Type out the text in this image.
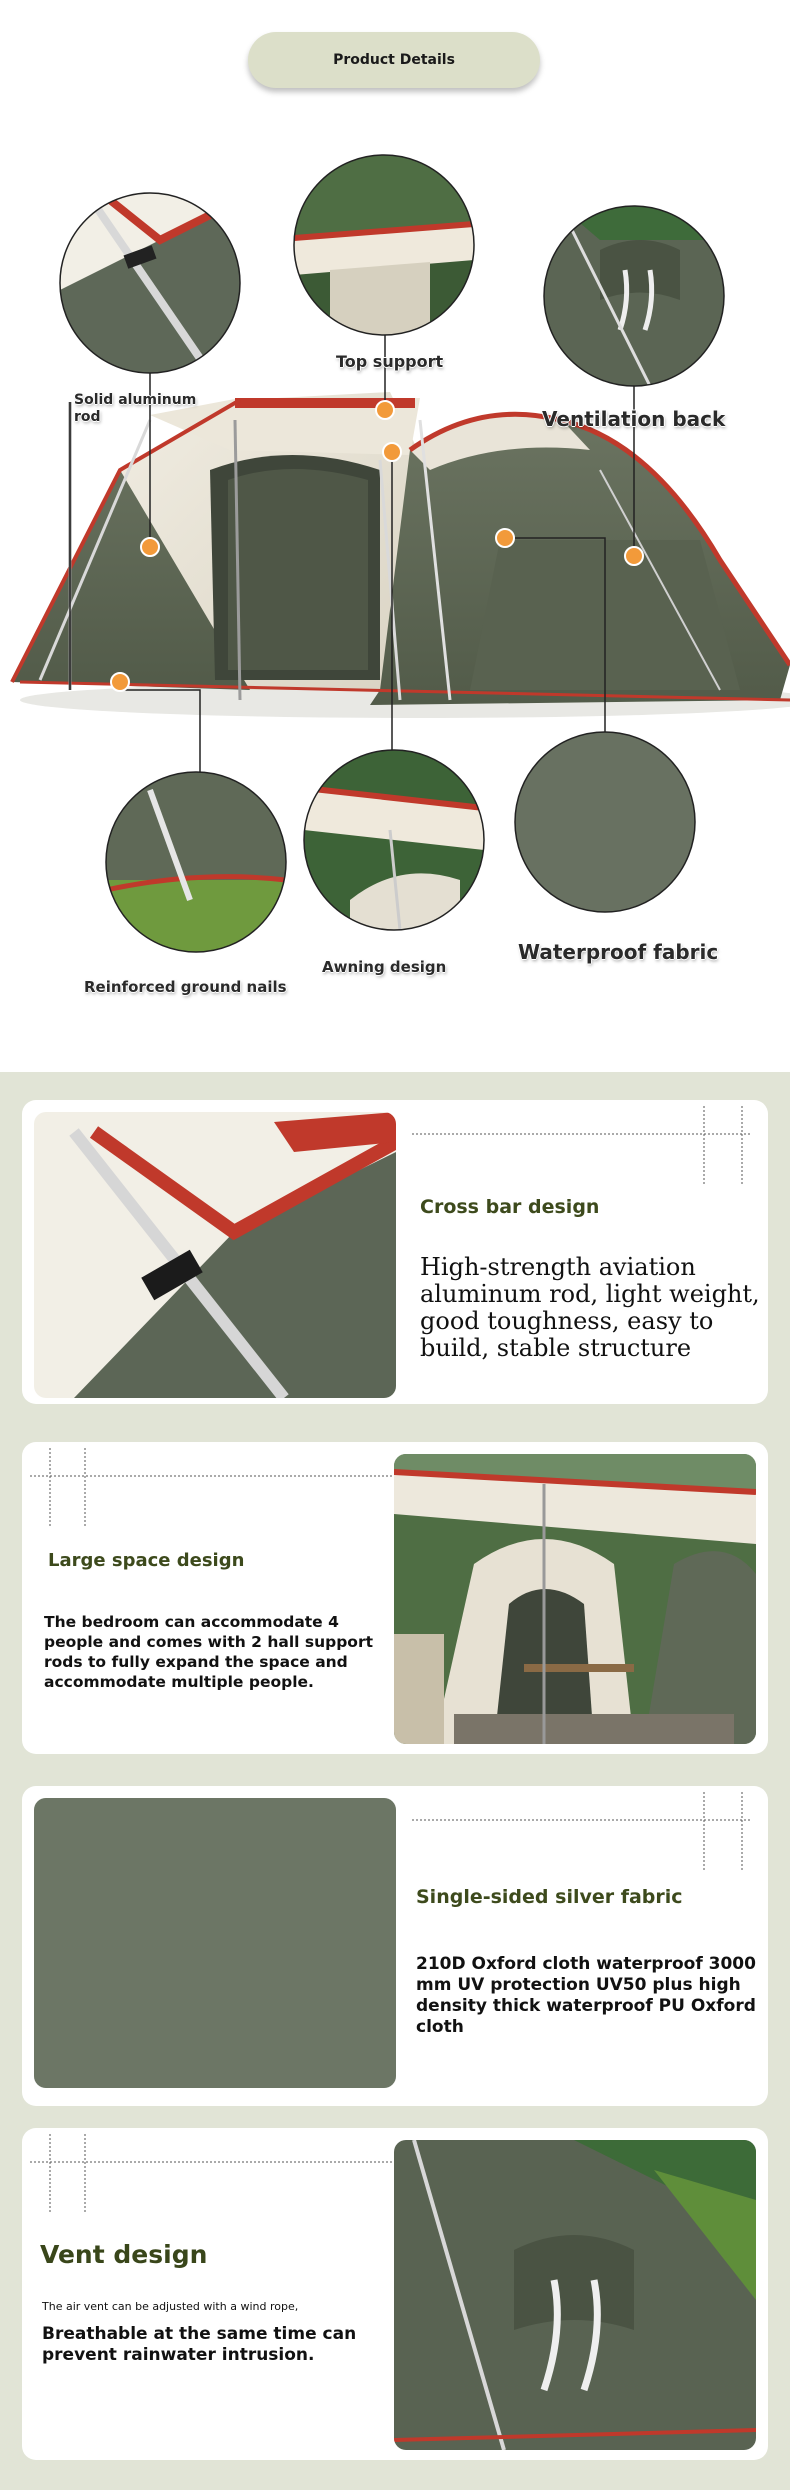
Product Details
Solid aluminum rod
Top support
Ventilation back
Reinforced ground nails
Awning design
Waterproof fabric
Cross bar design
High-strength aviation aluminum rod, light weight, good toughness, easy to build, stable structure
Large space design
The bedroom can accommodate 4 people and comes with 2 hall support rods to fully expand the space and accommodate multiple people.
Single-sided silver fabric
210D Oxford cloth waterproof 3000 mm UV protection UV50 plus high density thick waterproof PU Oxford cloth
Vent design
The air vent can be adjusted with a wind rope,
Breathable at the same time can prevent rainwater intrusion.
